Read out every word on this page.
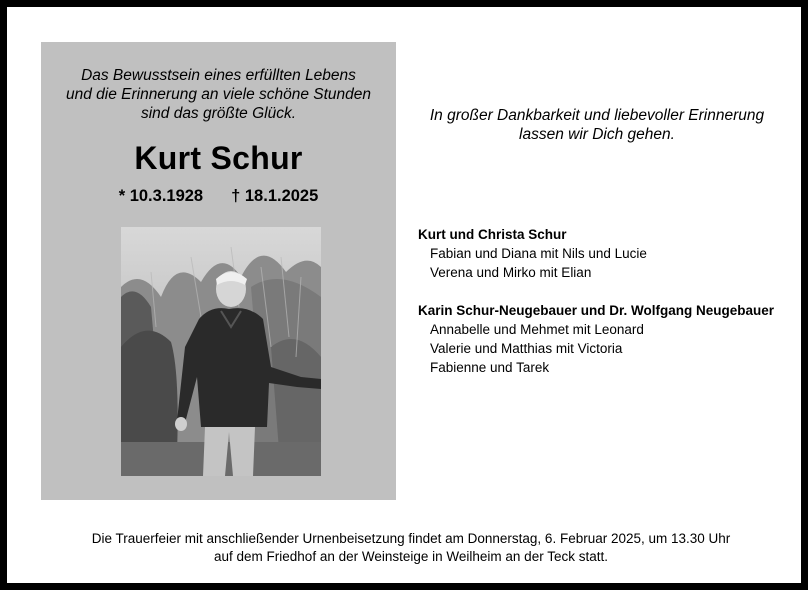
Das Bewusstsein eines erfüllten Lebens
und die Erinnerung an viele schöne Stunden
sind das größte Glück.
Kurt Schur
* 10.3.1928 † 18.1.2025
In großer Dankbarkeit und liebevoller Erinnerung
lassen wir Dich gehen.
Kurt und Christa Schur
Fabian und Diana mit Nils und Lucie
Verena und Mirko mit Elian
Karin Schur-Neugebauer und Dr. Wolfgang Neugebauer
Annabelle und Mehmet mit Leonard
Valerie und Matthias mit Victoria
Fabienne und Tarek
Die Trauerfeier mit anschließender Urnenbeisetzung findet am Donnerstag, 6. Februar 2025, um 13.30 Uhr
auf dem Friedhof an der Weinsteige in Weilheim an der Teck statt.
